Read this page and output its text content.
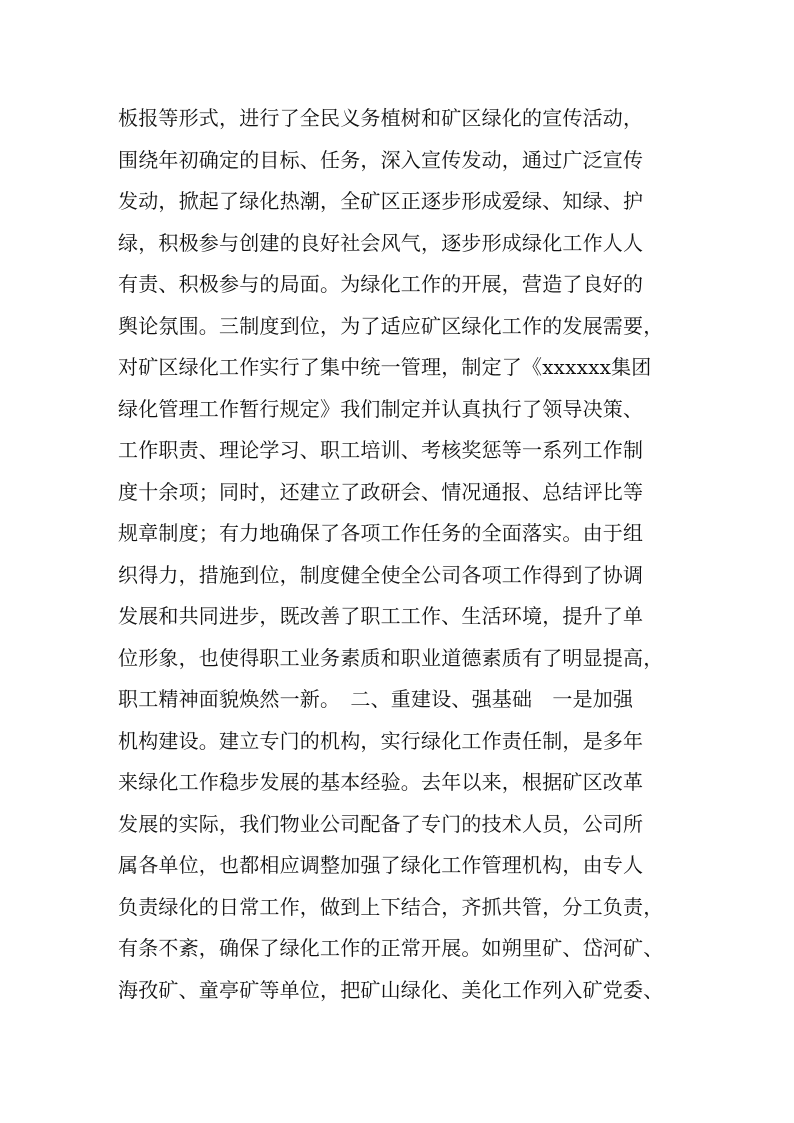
板报等形式，进行了全民义务植树和矿区绿化的宣传活动，
围绕年初确定的目标、任务，深入宣传发动，通过广泛宣传
发动，掀起了绿化热潮，全矿区正逐步形成爱绿、知绿、护
绿，积极参与创建的良好社会风气，逐步形成绿化工作人人
有责、积极参与的局面。为绿化工作的开展，营造了良好的
舆论氛围。三制度到位，为了适应矿区绿化工作的发展需要，
对矿区绿化工作实行了集中统一管理，制定了《xxxxxx集团
绿化管理工作暂行规定》我们制定并认真执行了领导决策、
工作职责、理论学习、职工培训、考核奖惩等一系列工作制
度十余项；同时，还建立了政研会、情况通报、总结评比等
规章制度；有力地确保了各项工作任务的全面落实。由于组
织得力，措施到位，制度健全使全公司各项工作得到了协调
发展和共同进步，既改善了职工工作、生活环境，提升了单
位形象，也使得职工业务素质和职业道德素质有了明显提高，
职工精神面貌焕然一新。　二、重建设、强基础　一是加强
机构建设。建立专门的机构，实行绿化工作责任制，是多年
来绿化工作稳步发展的基本经验。去年以来，根据矿区改革
发展的实际，我们物业公司配备了专门的技术人员，公司所
属各单位，也都相应调整加强了绿化工作管理机构，由专人
负责绿化的日常工作，做到上下结合，齐抓共管，分工负责，
有条不紊，确保了绿化工作的正常开展。如朔里矿、岱河矿、
海孜矿、童亭矿等单位，把矿山绿化、美化工作列入矿党委、
